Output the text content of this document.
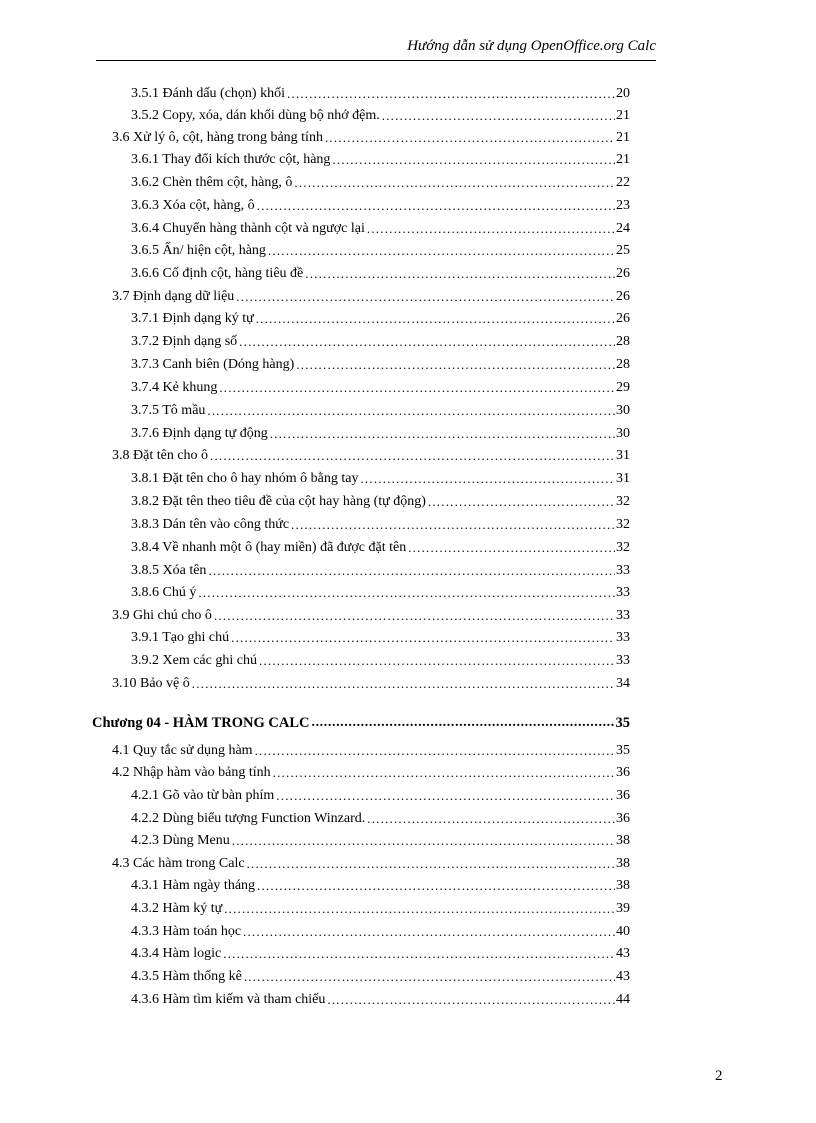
Hướng dẫn sử dụng OpenOffice.org Calc
3.5.1 Đánh dấu (chọn) khối .....	20
3.5.2 Copy, xóa, dán khối dùng bộ nhớ đệm. .....	21
3.6 Xử lý ô, cột, hàng trong bảng tính .....	21
3.6.1 Thay đổi kích thước cột, hàng .....	21
3.6.2 Chèn thêm cột, hàng, ô .....	22
3.6.3 Xóa cột, hàng, ô .....	23
3.6.4 Chuyển hàng thành cột và ngược lại .....	24
3.6.5 Ẩn/ hiện cột, hàng .....	25
3.6.6 Cố định cột, hàng tiêu đề .....	26
3.7 Định dạng dữ liệu .....	26
3.7.1 Định dạng ký tự .....	26
3.7.2 Định dạng số .....	28
3.7.3 Canh biên (Dóng hàng) .....	28
3.7.4 Kẻ khung .....	29
3.7.5 Tô mầu .....	30
3.7.6 Định dạng tự động .....	30
3.8 Đặt tên cho ô .....	31
3.8.1 Đặt tên cho ô hay nhóm ô bằng tay .....	31
3.8.2 Đặt tên theo tiêu đề của cột hay hàng (tự động) .....	32
3.8.3 Dán tên vào công thức .....	32
3.8.4 Về nhanh một ô (hay miền) đã được đặt tên .....	32
3.8.5 Xóa tên .....	33
3.8.6 Chú ý .....	33
3.9 Ghi chú cho ô .....	33
3.9.1 Tạo ghi chú .....	33
3.9.2 Xem các ghi chú .....	33
3.10 Bảo vệ ô .....	34
Chương 04 - HÀM TRONG CALC .....	35
4.1 Quy tắc sử dụng hàm .....	35
4.2 Nhập hàm vào bảng tính .....	36
4.2.1 Gõ vào từ bàn phím .....	36
4.2.2 Dùng biểu tượng Function Winzard. .....	36
4.2.3 Dùng Menu .....	38
4.3 Các hàm trong Calc .....	38
4.3.1 Hàm ngày tháng .....	38
4.3.2 Hàm ký tự .....	39
4.3.3 Hàm toán học .....	40
4.3.4 Hàm logic .....	43
4.3.5 Hàm thống kê .....	43
4.3.6 Hàm tìm kiếm và tham chiếu .....	44
2
